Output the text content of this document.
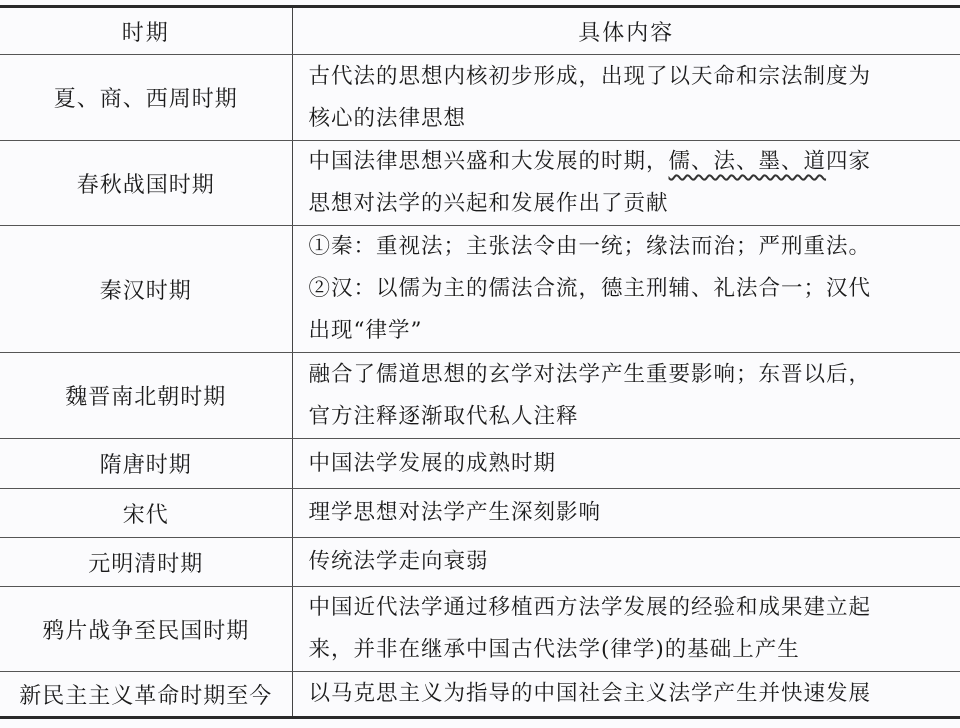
时期	具体内容
夏、商、西周时期	古代法的思想内核初步形成，出现了以天命和宗法制度为
核心的法律思想

春秋战国时期	中国法律思想兴盛和大发展的时期，儒、法、墨、道四家
思想对法学的兴起和发展作出了贡献

秦汉时期	①秦：重视法；主张法令由一统；缘法而治；严刑重法。
②汉：以儒为主的儒法合流，德主刑辅、礼法合一；汉代
出现“律学”

魏晋南北朝时期	融合了儒道思想的玄学对法学产生重要影响；东晋以后，
官方注释逐渐取代私人注释

隋唐时期	中国法学发展的成熟时期

宋代	理学思想对法学产生深刻影响

元明清时期	传统法学走向衰弱

鸦片战争至民国时期	中国近代法学通过移植西方法学发展的经验和成果建立起
来，并非在继承中国古代法学(律学)的基础上产生

新民主主义革命时期至今	以马克思主义为指导的中国社会主义法学产生并快速发展
